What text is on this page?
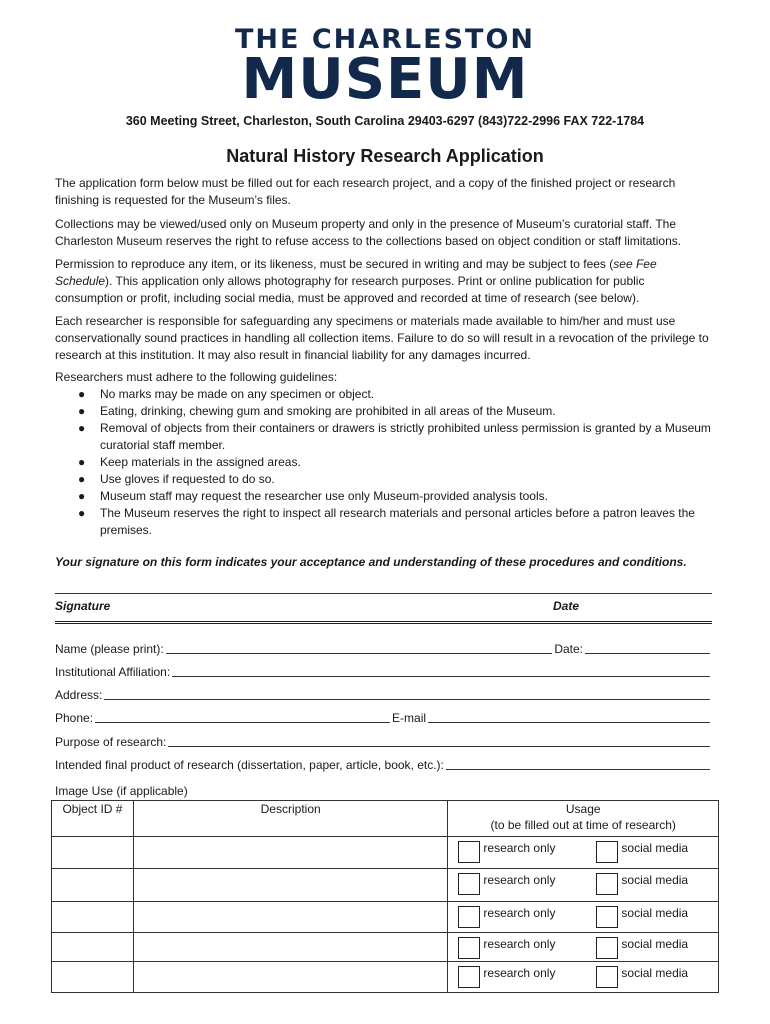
THE CHARLESTON
MUSEUM
360 Meeting Street, Charleston, South Carolina 29403-6297 (843)722-2996 FAX 722-1784
Natural History Research Application
The application form below must be filled out for each research project, and a copy of the finished project or research finishing is requested for the Museum’s files.
Collections may be viewed/used only on Museum property and only in the presence of Museum’s curatorial staff. The Charleston Museum reserves the right to refuse access to the collections based on object condition or staff limitations.
Permission to reproduce any item, or its likeness, must be secured in writing and may be subject to fees (see Fee Schedule). This application only allows photography for research purposes. Print or online publication for public consumption or profit, including social media, must be approved and recorded at time of research (see below).
Each researcher is responsible for safeguarding any specimens or materials made available to him/her and must use conservationally sound practices in handling all collection items. Failure to do so will result in a revocation of the privilege to research at this institution. It may also result in financial liability for any damages incurred.
Researchers must adhere to the following guidelines:
● No marks may be made on any specimen or object.
● Eating, drinking, chewing gum and smoking are prohibited in all areas of the Museum.
● Removal of objects from their containers or drawers is strictly prohibited unless permission is granted by a Museum curatorial staff member.
● Keep materials in the assigned areas.
● Use gloves if requested to do so.
● Museum staff may request the researcher use only Museum-provided analysis tools.
● The Museum reserves the right to inspect all research materials and personal articles before a patron leaves the premises.
Your signature on this form indicates your acceptance and understanding of these procedures and conditions.
Signature	Date
Name (please print):	Date:
Institutional Affiliation:
Address:
Phone:	E-mail
Purpose of research:
Intended final product of research (dissertation, paper, article, book, etc.):
Image Use (if applicable)
Object ID #	Description	Usage
(to be filled out at time of research)

		research only social media

		research only social media

		research only social media

		research only social media

		research only social media
